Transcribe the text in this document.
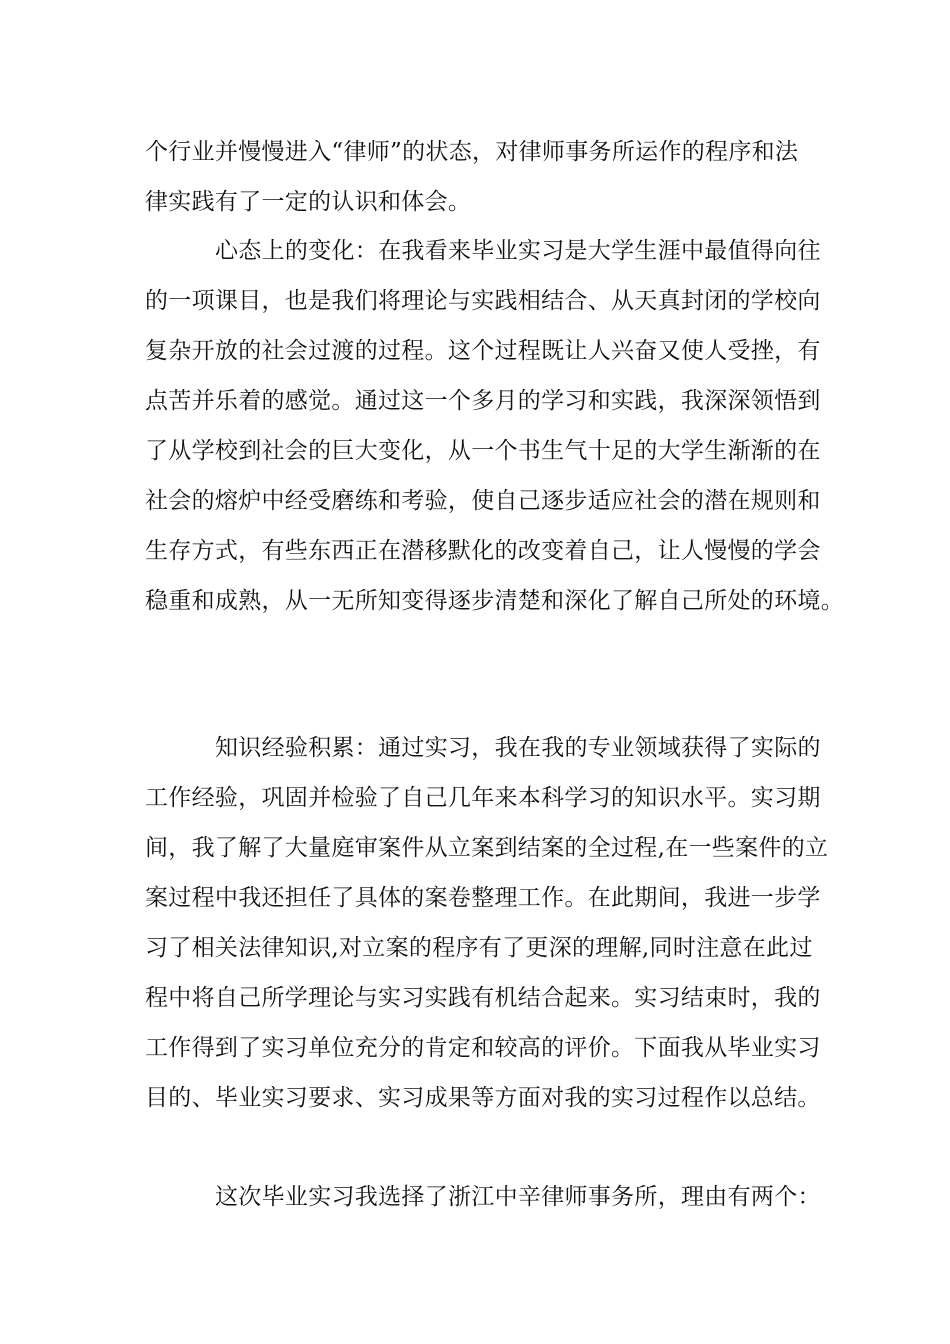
个行业并慢慢进入“律师”的状态，对律师事务所运作的程序和法
律实践有了一定的认识和体会。
心态上的变化：在我看来毕业实习是大学生涯中最值得向往
的一项课目，也是我们将理论与实践相结合、从天真封闭的学校向
复杂开放的社会过渡的过程。这个过程既让人兴奋又使人受挫，有
点苦并乐着的感觉。通过这一个多月的学习和实践，我深深领悟到
了从学校到社会的巨大变化，从一个书生气十足的大学生渐渐的在
社会的熔炉中经受磨练和考验，使自己逐步适应社会的潜在规则和
生存方式，有些东西正在潜移默化的改变着自己，让人慢慢的学会
稳重和成熟，从一无所知变得逐步清楚和深化了解自己所处的环境。
知识经验积累：通过实习，我在我的专业领域获得了实际的
工作经验，巩固并检验了自己几年来本科学习的知识水平。实习期
间，我了解了大量庭审案件从立案到结案的全过程,在一些案件的立
案过程中我还担任了具体的案卷整理工作。在此期间，我进一步学
习了相关法律知识,对立案的程序有了更深的理解,同时注意在此过
程中将自己所学理论与实习实践有机结合起来。实习结束时，我的
工作得到了实习单位充分的肯定和较高的评价。下面我从毕业实习
目的、毕业实习要求、实习成果等方面对我的实习过程作以总结。
这次毕业实习我选择了浙江中辛律师事务所，理由有两个：
